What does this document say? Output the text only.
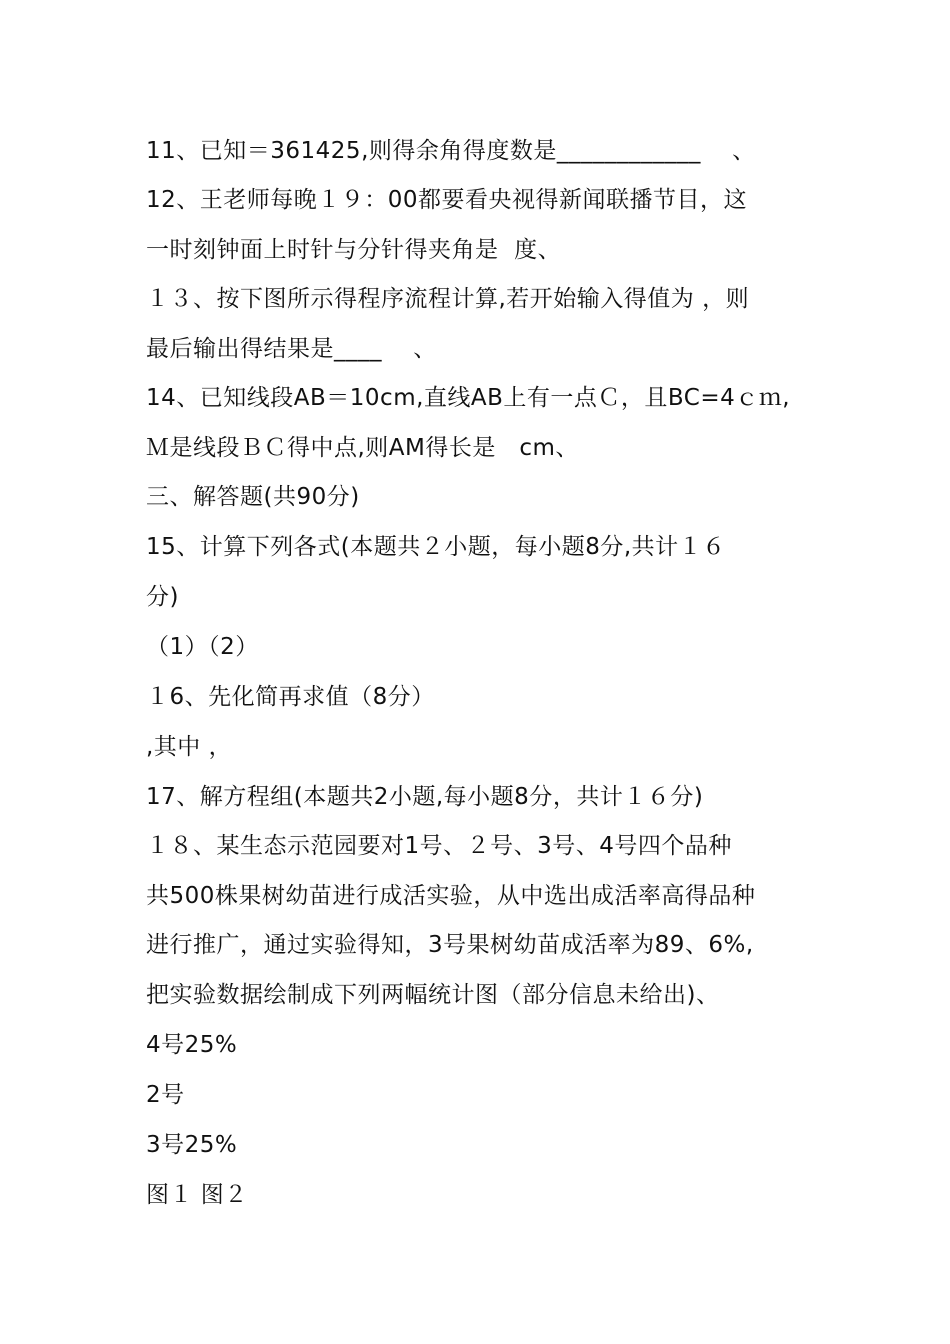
11、已知＝361425,则得余角得度数是____________    、
12、王老师每晚１９：00都要看央视得新闻联播节目，这
一时刻钟面上时针与分针得夹角是  度、
１３、按下图所示得程序流程计算,若开始输入得值为 ，则
最后输出得结果是____    、
14、已知线段AB＝10cm,直线AB上有一点Ｃ，且BC=4ｃｍ,
Ｍ是线段ＢＣ得中点,则AM得长是   cm、
三、解答题(共90分)
15、计算下列各式(本题共２小题，每小题8分,共计１６
分)
（1）（2）
１6、先化简再求值（8分）
,其中 ，
17、解方程组(本题共2小题,每小题8分，共计１６分)
１８、某生态示范园要对1号、２号、3号、4号四个品种
共500株果树幼苗进行成活实验，从中选出成活率高得品种
进行推广，通过实验得知，3号果树幼苗成活率为89、6%,
把实验数据绘制成下列两幅统计图（部分信息未给出)、
4号25%
2号
3号25%
图１ 图２
